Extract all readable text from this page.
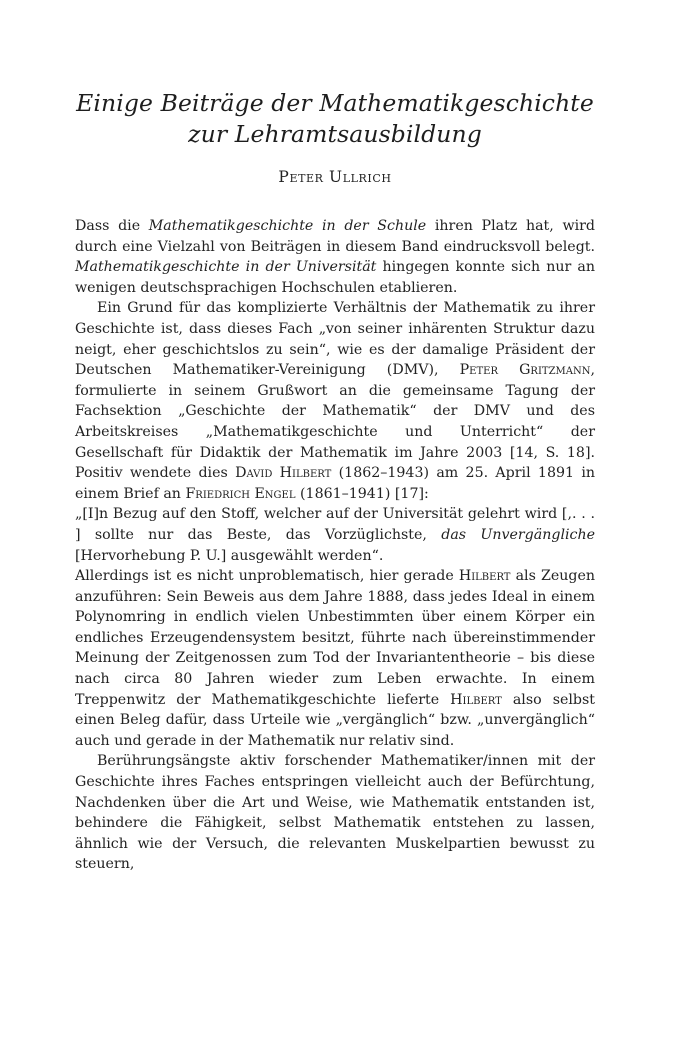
Einige Beiträge der Mathematikgeschichte
zur Lehramtsausbildung
Peter Ullrich

Dass die Mathematikgeschichte in der Schule ihren Platz hat, wird durch eine Vielzahl von Beiträgen in diesem Band eindrucksvoll belegt. Mathematikgeschichte in der Universität hingegen konnte sich nur an wenigen deutschsprachigen Hochschulen etablieren.

Ein Grund für das komplizierte Verhältnis der Mathematik zu ihrer Geschichte ist, dass dieses Fach „von seiner inhärenten Struktur dazu neigt, eher geschichtslos zu sein“, wie es der damalige Präsident der Deutschen Mathematiker-Vereinigung (DMV), Peter Gritzmann, formulierte in seinem Grußwort an die gemeinsame Tagung der Fachsektion „Geschichte der Mathematik“ der DMV und des Arbeitskreises „Mathematikgeschichte und Unterricht“ der Gesellschaft für Didaktik der Mathematik im Jahre 2003 [14, S. 18]. Positiv wendete dies David Hilbert (1862–1943) am 25. April 1891 in einem Brief an Friedrich Engel (1861–1941) [17]:

„[I]n Bezug auf den Stoff, welcher auf der Universität gelehrt wird [,. . . ] sollte nur das Beste, das Vorzüglichste, das Unvergängliche [Hervorhebung P. U.] ausgewählt werden“.

Allerdings ist es nicht unproblematisch, hier gerade Hilbert als Zeugen anzuführen: Sein Beweis aus dem Jahre 1888, dass jedes Ideal in einem Polynomring in endlich vielen Unbestimmten über einem Körper ein endliches Erzeugendensystem besitzt, führte nach übereinstimmender Meinung der Zeitgenossen zum Tod der Invariantentheorie – bis diese nach circa 80 Jahren wieder zum Leben erwachte. In einem Treppenwitz der Mathematikgeschichte lieferte Hilbert also selbst einen Beleg dafür, dass Urteile wie „vergänglich“ bzw. „unvergänglich“ auch und gerade in der Mathematik nur relativ sind.

Berührungsängste aktiv forschender Mathematiker/innen mit der Geschichte ihres Faches entspringen vielleicht auch der Befürchtung, Nachdenken über die Art und Weise, wie Mathematik entstanden ist, behindere die Fähigkeit, selbst Mathematik entstehen zu lassen, ähnlich wie der Versuch, die relevanten Muskelpartien bewusst zu steuern,
